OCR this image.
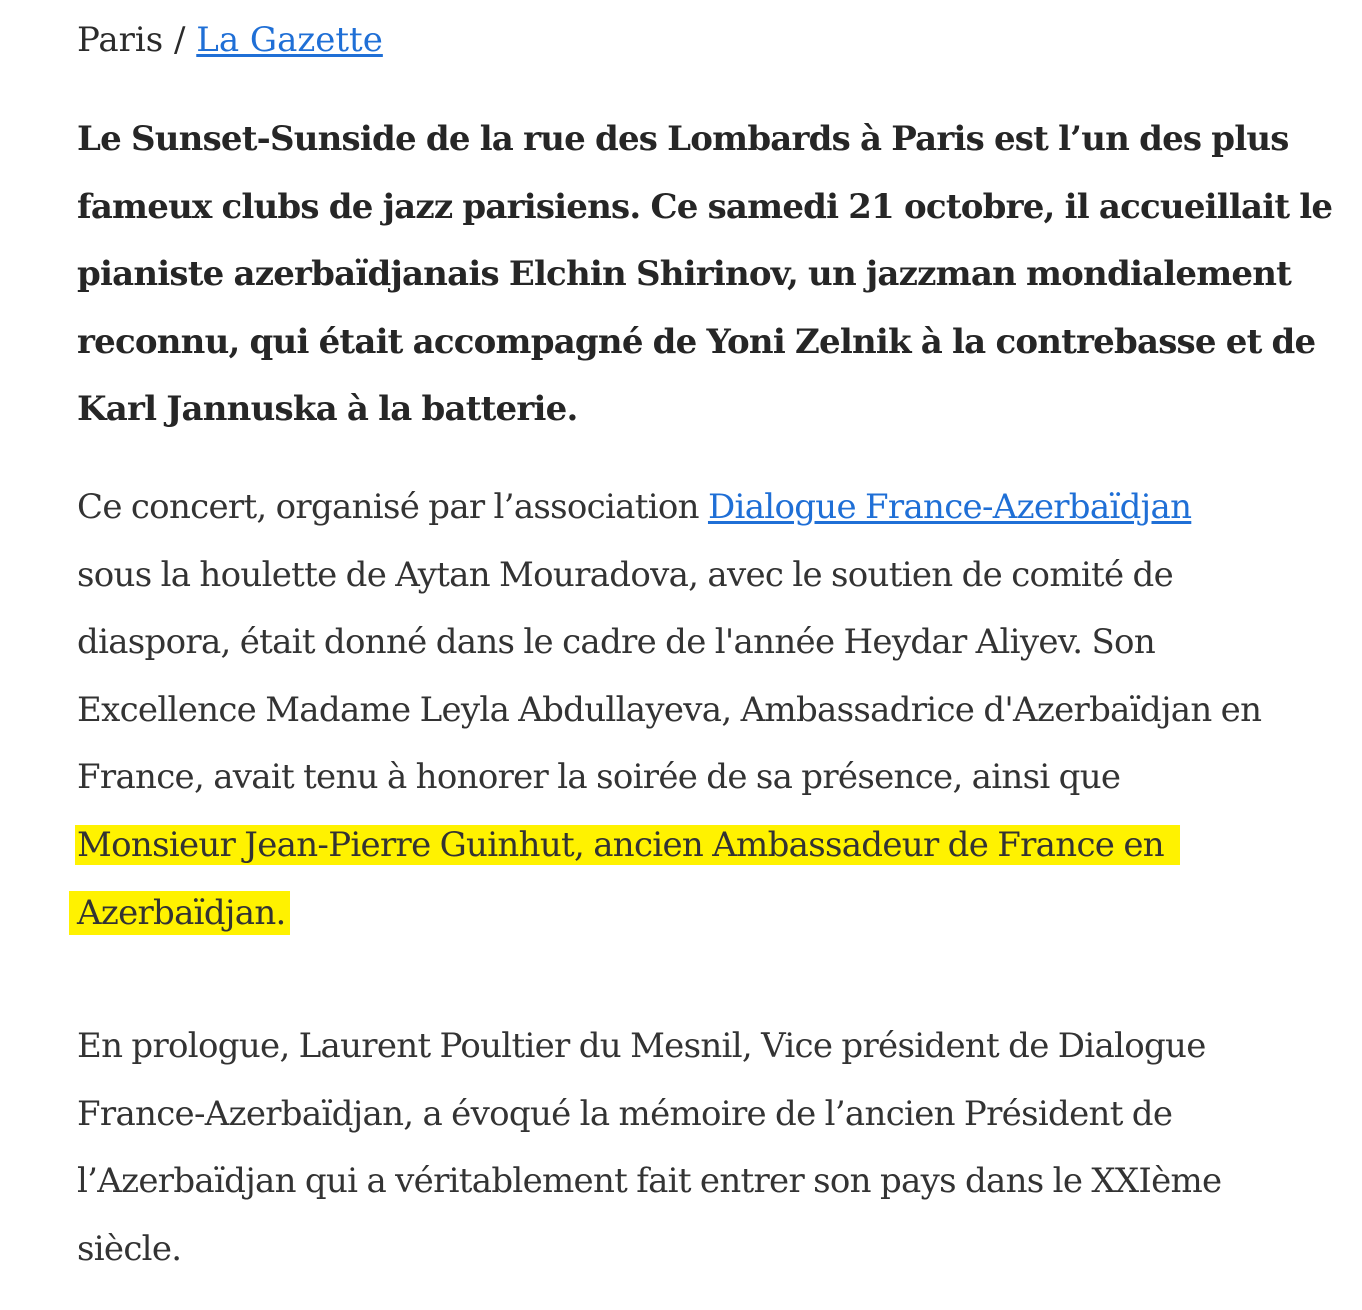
Paris / La Gazette
Le Sunset-Sunside de la rue des Lombards à Paris est l’un des plus
fameux clubs de jazz parisiens. Ce samedi 21 octobre, il accueillait le
pianiste azerbaïdjanais Elchin Shirinov, un jazzman mondialement
reconnu, qui était accompagné de Yoni Zelnik à la contrebasse et de
Karl Jannuska à la batterie.
Ce concert, organisé par l’association Dialogue France-Azerbaïdjan
sous la houlette de Aytan Mouradova, avec le soutien de comité de
diaspora, était donné dans le cadre de l'année Heydar Aliyev. Son
Excellence Madame Leyla Abdullayeva, Ambassadrice d'Azerbaïdjan en
France, avait tenu à honorer la soirée de sa présence, ainsi que
Monsieur Jean-Pierre Guinhut, ancien Ambassadeur de France en
Azerbaïdjan.
En prologue, Laurent Poultier du Mesnil, Vice président de Dialogue
France-Azerbaïdjan, a évoqué la mémoire de l’ancien Président de
l’Azerbaïdjan qui a véritablement fait entrer son pays dans le XXIème
siècle.
